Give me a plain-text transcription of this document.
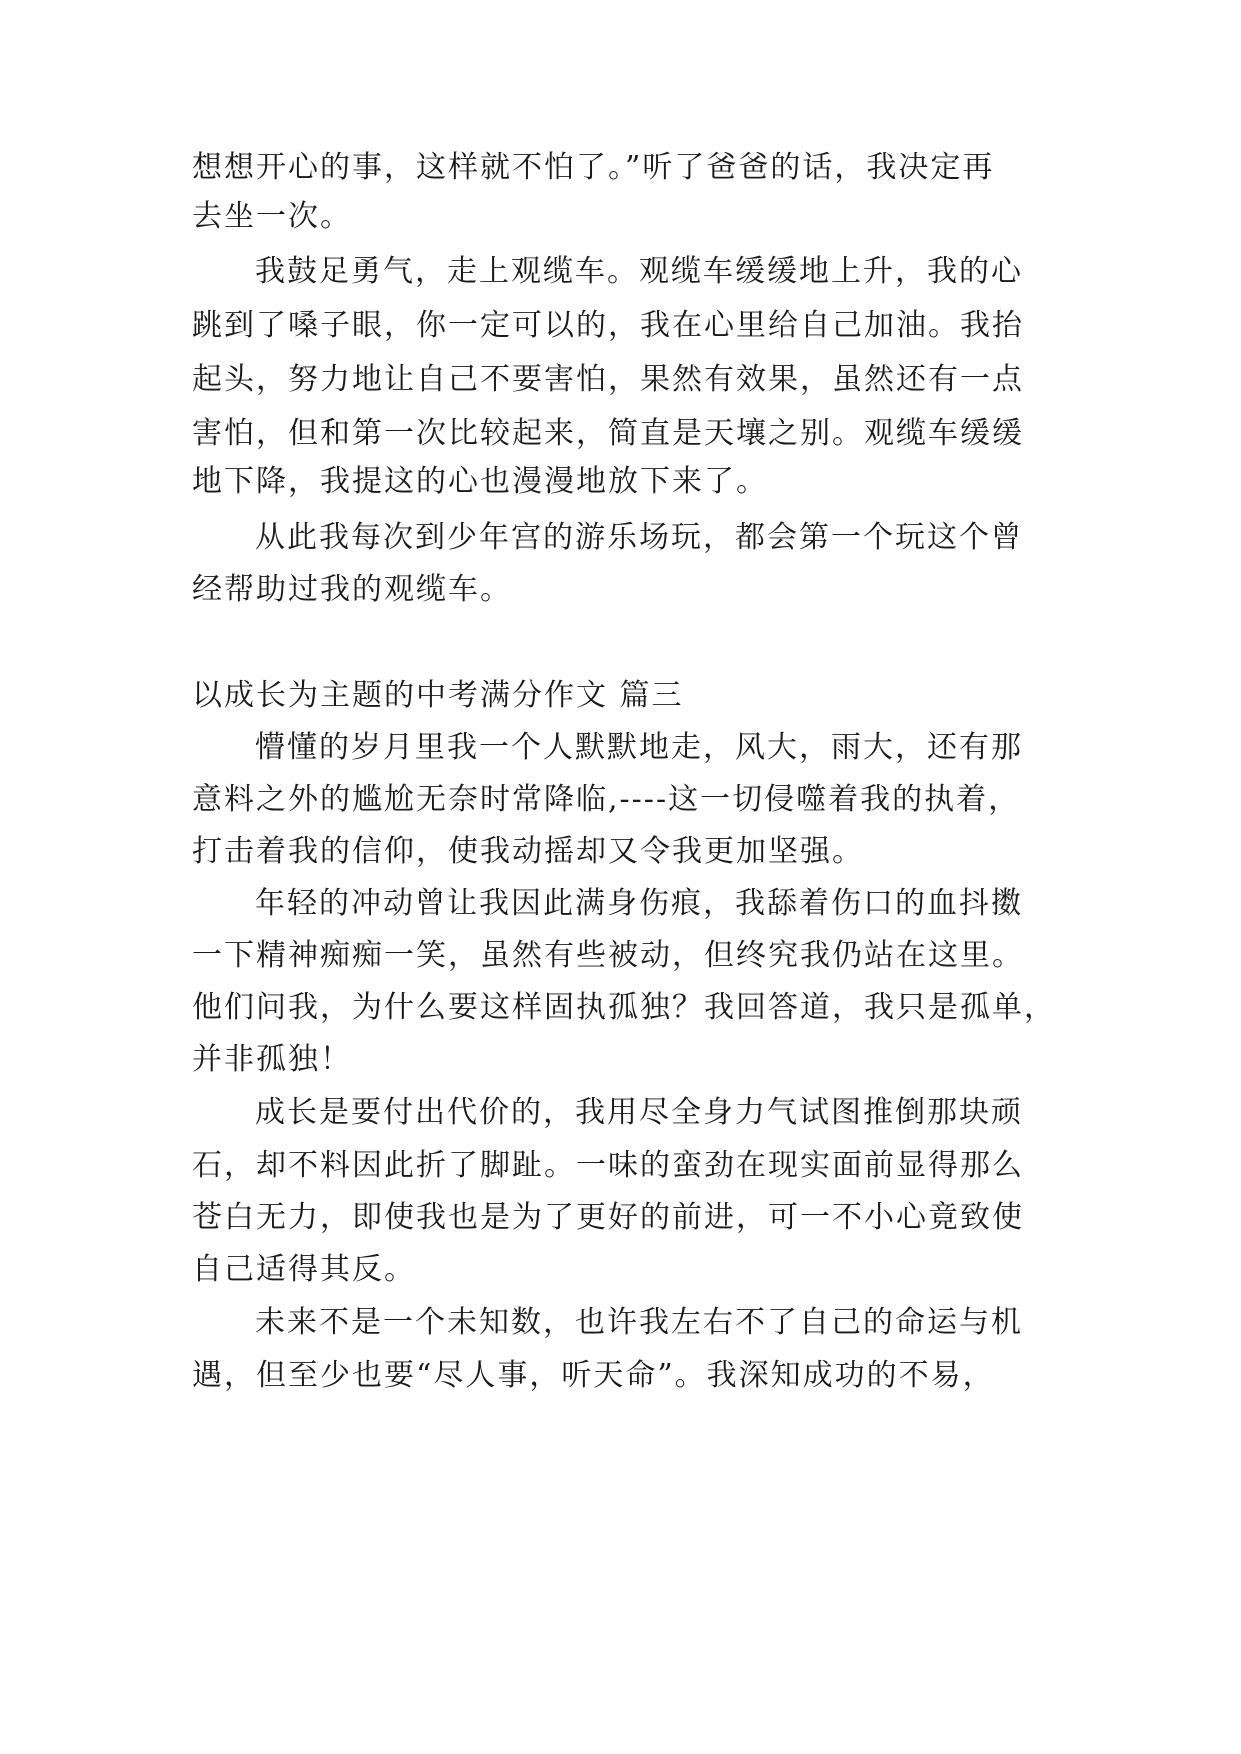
想想开心的事，这样就不怕了。”听了爸爸的话，我决定再
去坐一次。
我鼓足勇气，走上观缆车。观缆车缓缓地上升，我的心
跳到了嗓子眼，你一定可以的，我在心里给自己加油。我抬
起头，努力地让自己不要害怕，果然有效果，虽然还有一点
害怕，但和第一次比较起来，简直是天壤之别。观缆车缓缓
地下降，我提这的心也漫漫地放下来了。
从此我每次到少年宫的游乐场玩，都会第一个玩这个曾
经帮助过我的观缆车。
以成长为主题的中考满分作文 篇三
懵懂的岁月里我一个人默默地走，风大，雨大，还有那
意料之外的尴尬无奈时常降临,----这一切侵噬着我的执着，
打击着我的信仰，使我动摇却又令我更加坚强。
年轻的冲动曾让我因此满身伤痕，我舔着伤口的血抖擞
一下精神痴痴一笑，虽然有些被动，但终究我仍站在这里。
他们问我，为什么要这样固执孤独？我回答道，我只是孤单，
并非孤独！
成长是要付出代价的，我用尽全身力气试图推倒那块顽
石，却不料因此折了脚趾。一味的蛮劲在现实面前显得那么
苍白无力，即使我也是为了更好的前进，可一不小心竟致使
自己适得其反。
未来不是一个未知数，也许我左右不了自己的命运与机
遇，但至少也要“尽人事，听天命”。我深知成功的不易，
